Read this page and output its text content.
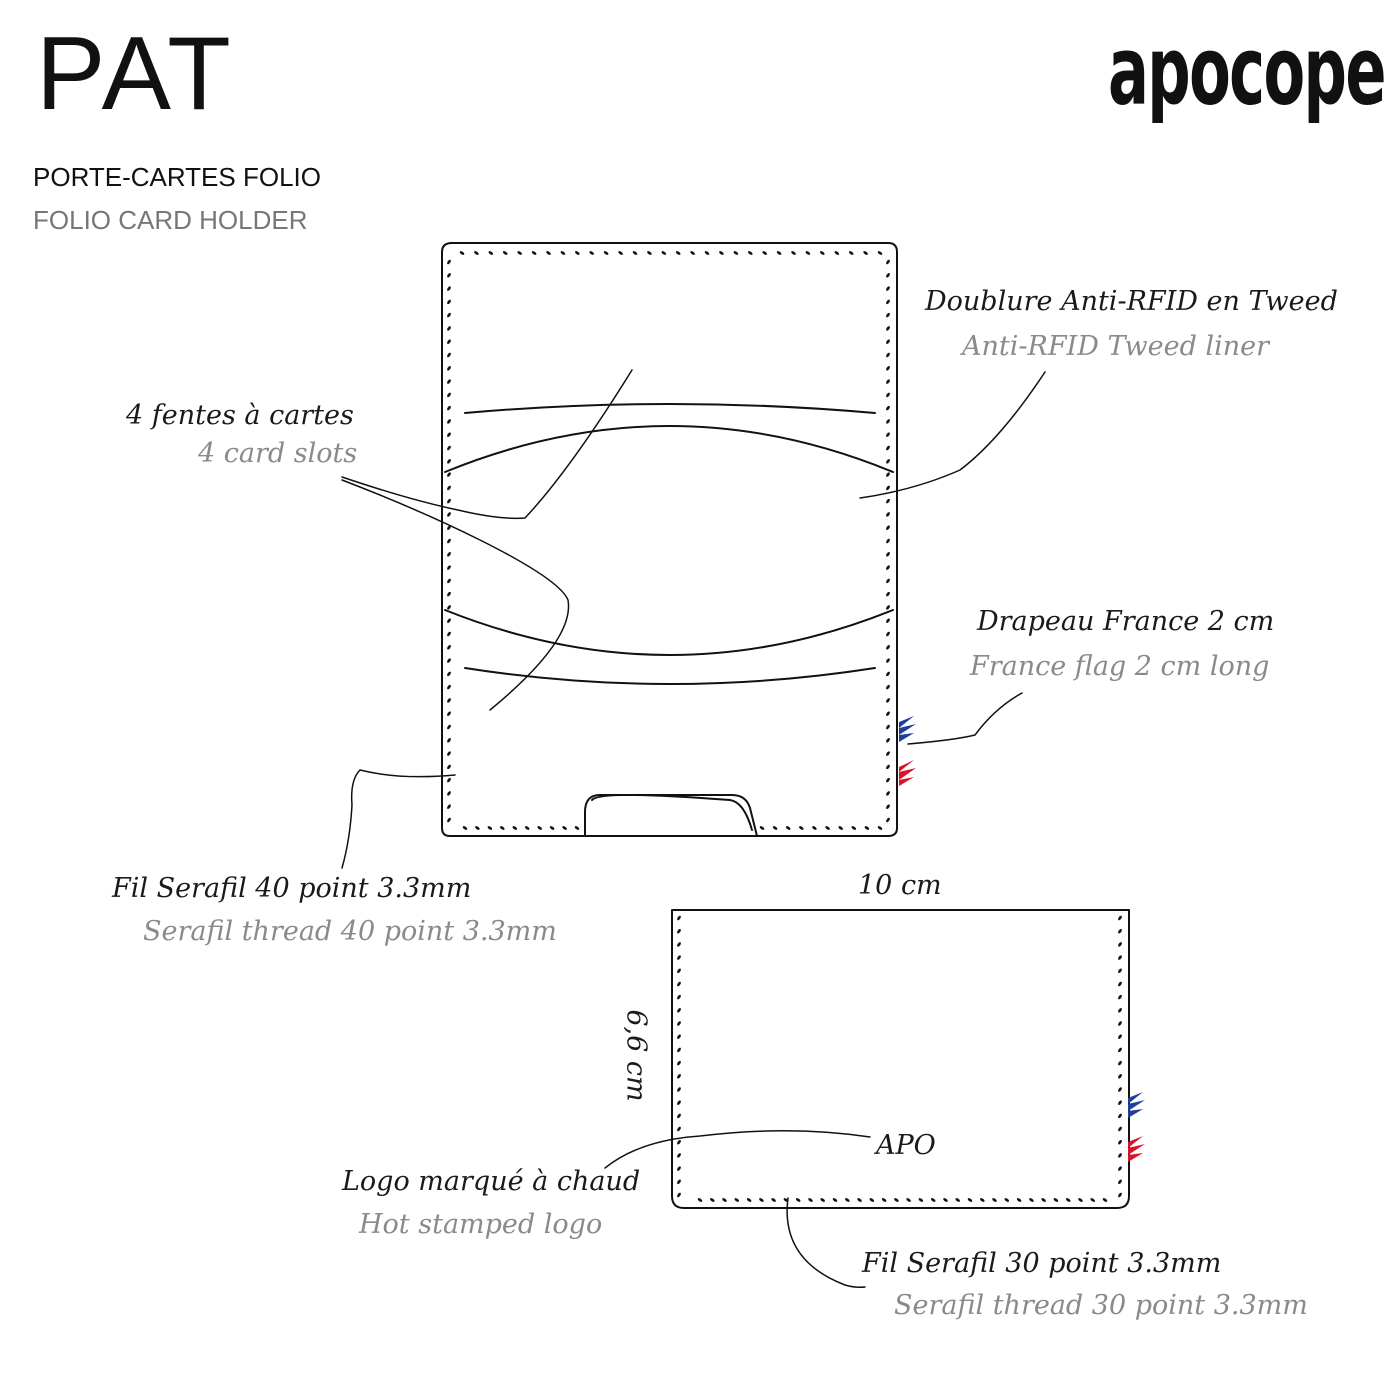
PAT
PORTE-CARTES FOLIO
FOLIO CARD HOLDER
apocope
Doublure Anti-RFID en Tweed
Anti-RFID Tweed liner
4 fentes à cartes
4 card slots
Drapeau France 2 cm
France flag 2 cm long
Fil Serafil 40 point 3.3mm
Serafil thread 40 point 3.3mm
10 cm
6,6 cm
APO
Logo marqué à chaud
Hot stamped logo
Fil Serafil 30 point 3.3mm
Serafil thread 30 point 3.3mm
